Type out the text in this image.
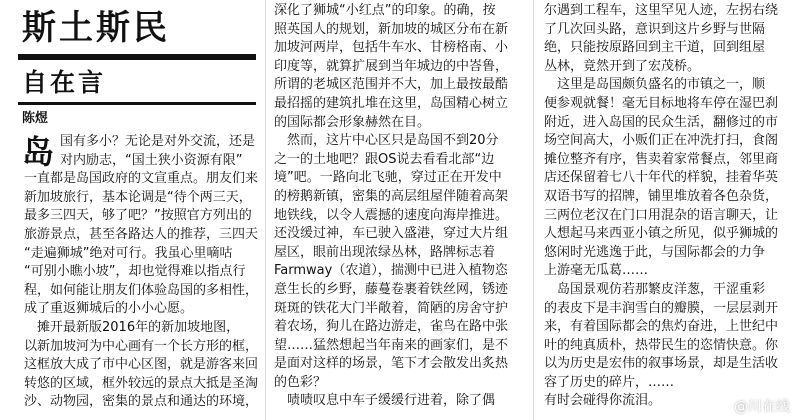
斯土斯民
自在言
陈煜
岛 国有多小？无论是对外交流，还是
对内励志，“国土狭小资源有限”
一直都是岛国政府的文宣重点。朋友们来
新加坡旅行，基本论调是“待个两三天，
最多三四天，够了吧？”按照官方列出的
旅游景点，甚至各路达人的推荐，三四天
“走遍狮城”绝对可行。我虽心里嘀咕
“可别小瞧小坡”，却也觉得难以指点行
程，如何能让朋友们体验岛国的多相性，
成了重返狮城后的小小心愿。
　摊开最新版2016年的新加坡地图，
以新加坡河为中心画有一个长方形的框，
这框放大成了市中心区图，就是游客来回
转悠的区域，框外较远的景点大抵是圣淘
沙、动物园，密集的景点和通达的环境，
深化了狮城“小红点”的印象。的确，按
照英国人的规划，新加坡的城区分布在新
加坡河两岸，包括牛车水、甘榜格南、小
印度等，就算扩展到当年城边的中峇鲁，
所谓的老城区范围并不大，加上最按最酷
最招摇的建筑扎堆在这里，岛国精心树立
的国际都会形象赫然在目。
　然而，这片中心区只是岛国不到20分
之一的土地吧？跟OS说去看看北部“边
境”吧。一路向北飞驰，穿过正在开发中
的榜鹅新镇，密集的高层组屋伴随着高架
地铁线，以令人震撼的速度向海岸推进。
还没缓过神，车已驶入盛港，穿过大片组
屋区，眼前出现浓绿丛林，路牌标志着
Farmway（农道），揣测中已进入植物恣
意生长的乡野，藤蔓卷裹着铁丝网，锈迹
斑斑的铁花大门半敞着，简陋的房舍守护
着农场，狗儿在路边游走，雀鸟在路中张
望……猛然想起当年南来的画家们，是不
是面对这样的场景，笔下才会散发出炙热
的色彩？
　啧啧叹息中车子缓缓行进着，除了偶
尔遇到工程车，这里罕见人迹，左拐右绕
了几次回头路，意识到这片乡野与世隔
绝，只能按原路回到主干道，回到组屋
丛林，竟然开到了宏茂桥。
　这里是岛国颇负盛名的市镇之一，顺
便参观就餐！毫无目标地将车停在湿巴刹
附近，进入岛国的民众生活，翻修过的市
场空间高大，小贩们正在冲洗打扫，食阁
摊位整齐有序，售卖着家常餐点，邻里商
店还保留着七八十年代的样貌，挂着华英
双语书写的招牌，铺里堆放着各色杂货，
三两位老汉在门口用混杂的语言聊天，让
人想起马来西亚小镇之所见，似乎狮城的
悠闲时光逃逸于此，与国际都会的力争
上游毫无瓜葛……
　岛国景观仿若那繁皮洋葱，干涩重彩
的表皮下是丰润雪白的瓣膜，一层层剥开
来，有着国际都会的焦灼奋进，上世纪中
叶的纯真质朴，热带民生的恣情快意。你
以为历史是宏伟的叙事场景，却是生活收
容了历史的碎片，……
有时会碰得你流泪。	@川在线
